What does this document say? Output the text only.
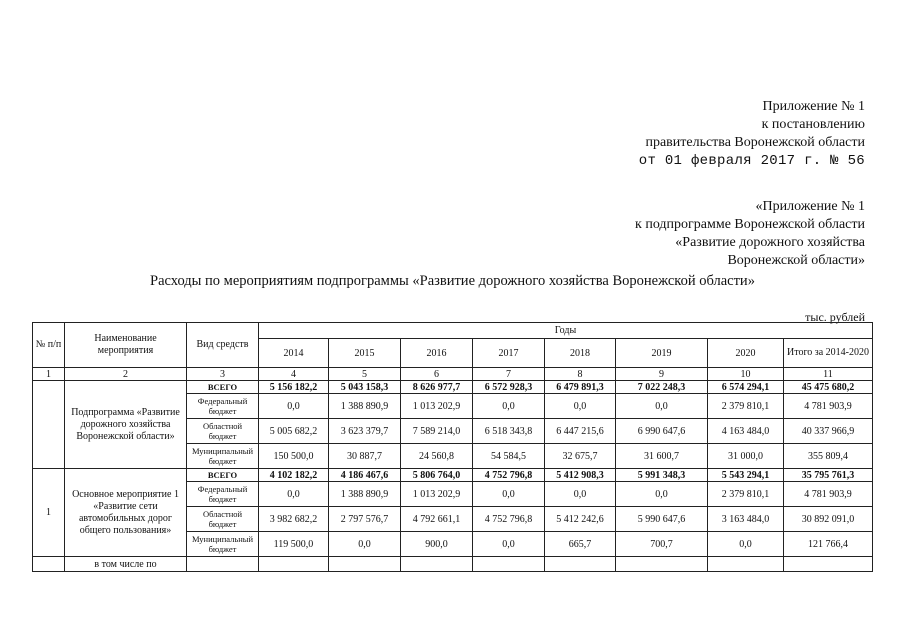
Приложение № 1
к постановлению
правительства Воронежской области
от 01 февраля 2017 г. № 56
«Приложение № 1
к подпрограмме Воронежской области
«Развитие дорожного хозяйства
Воронежской области»
Расходы по мероприятиям подпрограммы «Развитие дорожного хозяйства Воронежской области»
тыс. рублей
№ п/п	Наименование мероприятия	Вид средств	Годы							
			2014	2015	2016	2017	2018	2019	2020	Итого за 2014-2020
1	2	3	4	5	6	7	8	9	10	11
	Подпрограмма «Развитие дорожного хозяйства Воронежской области»	ВСЕГО	5 156 182,2	5 043 158,3	8 626 977,7	6 572 928,3	6 479 891,3	7 022 248,3	6 574 294,1	45 475 680,2
		Федеральный бюджет	0,0	1 388 890,9	1 013 202,9	0,0	0,0	0,0	2 379 810,1	4 781 903,9
		Областной бюджет	5 005 682,2	3 623 379,7	7 589 214,0	6 518 343,8	6 447 215,6	6 990 647,6	4 163 484,0	40 337 966,9
		Муниципальный бюджет	150 500,0	30 887,7	24 560,8	54 584,5	32 675,7	31 600,7	31 000,0	355 809,4
1	Основное мероприятие 1 «Развитие сети автомобильных дорог общего пользования»	ВСЕГО	4 102 182,2	4 186 467,6	5 806 764,0	4 752 796,8	5 412 908,3	5 991 348,3	5 543 294,1	35 795 761,3
		Федеральный бюджет	0,0	1 388 890,9	1 013 202,9	0,0	0,0	0,0	2 379 810,1	4 781 903,9
		Областной бюджет	3 982 682,2	2 797 576,7	4 792 661,1	4 752 796,8	5 412 242,6	5 990 647,6	3 163 484,0	30 892 091,0
		Муниципальный бюджет	119 500,0	0,0	900,0	0,0	665,7	700,7	0,0	121 766,4
	в том числе по									
